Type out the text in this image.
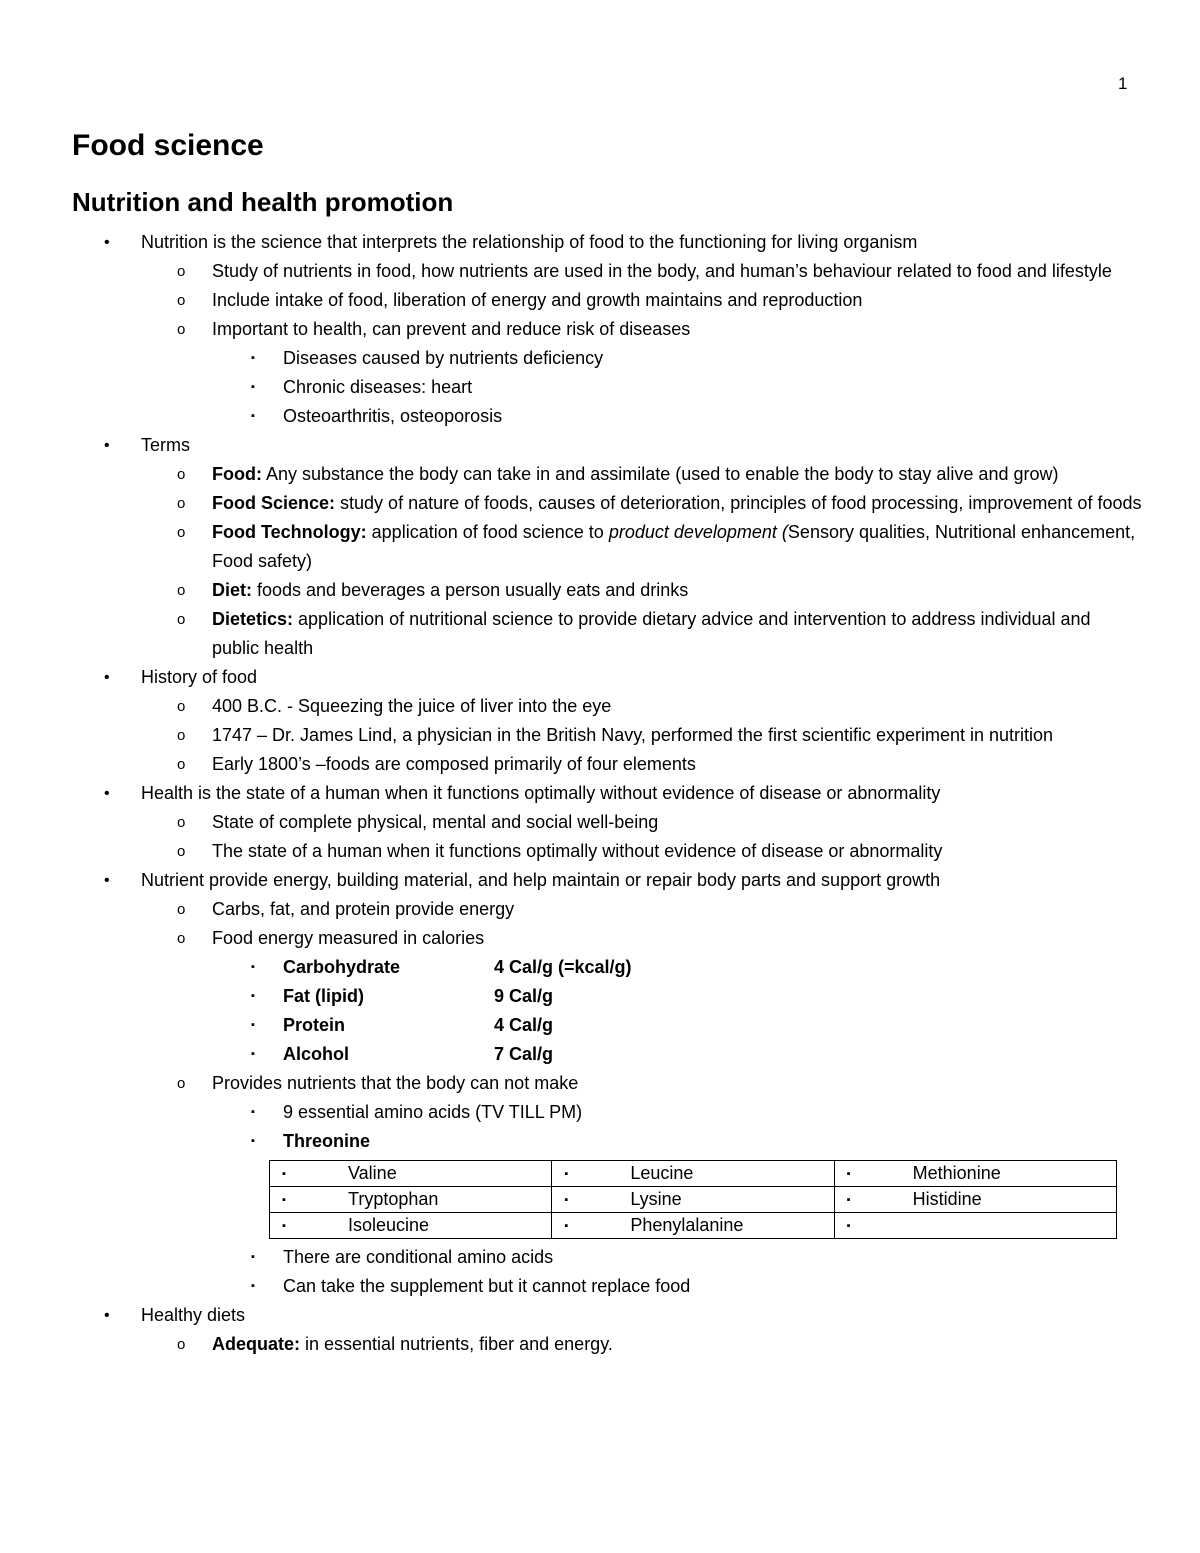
1
Food science
Nutrition and health promotion
• Nutrition is the science that interprets the relationship of food to the functioning for living organism
o Study of nutrients in food, how nutrients are used in the body, and human’s behaviour related to food and lifestyle
o Include intake of food, liberation of energy and growth maintains and reproduction
o Important to health, can prevent and reduce risk of diseases
▪ Diseases caused by nutrients deficiency
▪ Chronic diseases: heart
▪ Osteoarthritis, osteoporosis
• Terms
o Food: Any substance the body can take in and assimilate (used to enable the body to stay alive and grow)
o Food Science: study of nature of foods, causes of deterioration, principles of food processing, improvement of foods
o Food Technology: application of food science to product development (Sensory qualities, Nutritional enhancement, Food safety)
o Diet: foods and beverages a person usually eats and drinks
o Dietetics: application of nutritional science to provide dietary advice and intervention to address individual and public health
• History of food
o 400 B.C. - Squeezing the juice of liver into the eye
o 1747 – Dr. James Lind, a physician in the British Navy, performed the first scientific experiment in nutrition
o Early 1800’s –foods are composed primarily of four elements
• Health is the state of a human when it functions optimally without evidence of disease or abnormality
o State of complete physical, mental and social well-being
o The state of a human when it functions optimally without evidence of disease or abnormality
• Nutrient provide energy, building material, and help maintain or repair body parts and support growth
o Carbs, fat, and protein provide energy
o Food energy measured in calories
▪ Carbohydrate	4 Cal/g (=kcal/g)
▪ Fat (lipid)	9 Cal/g
▪ Protein	4 Cal/g
▪ Alcohol	7 Cal/g
o Provides nutrients that the body can not make
▪ 9 essential amino acids (TV TILL PM)
▪ Threonine
▪ Valine	▪ Leucine	▪ Methionine
▪ Tryptophan	▪ Lysine	▪ Histidine
▪ Isoleucine	▪ Phenylalanine	▪
▪ There are conditional amino acids
▪ Can take the supplement but it cannot replace food
• Healthy diets
o Adequate: in essential nutrients, fiber and energy.
